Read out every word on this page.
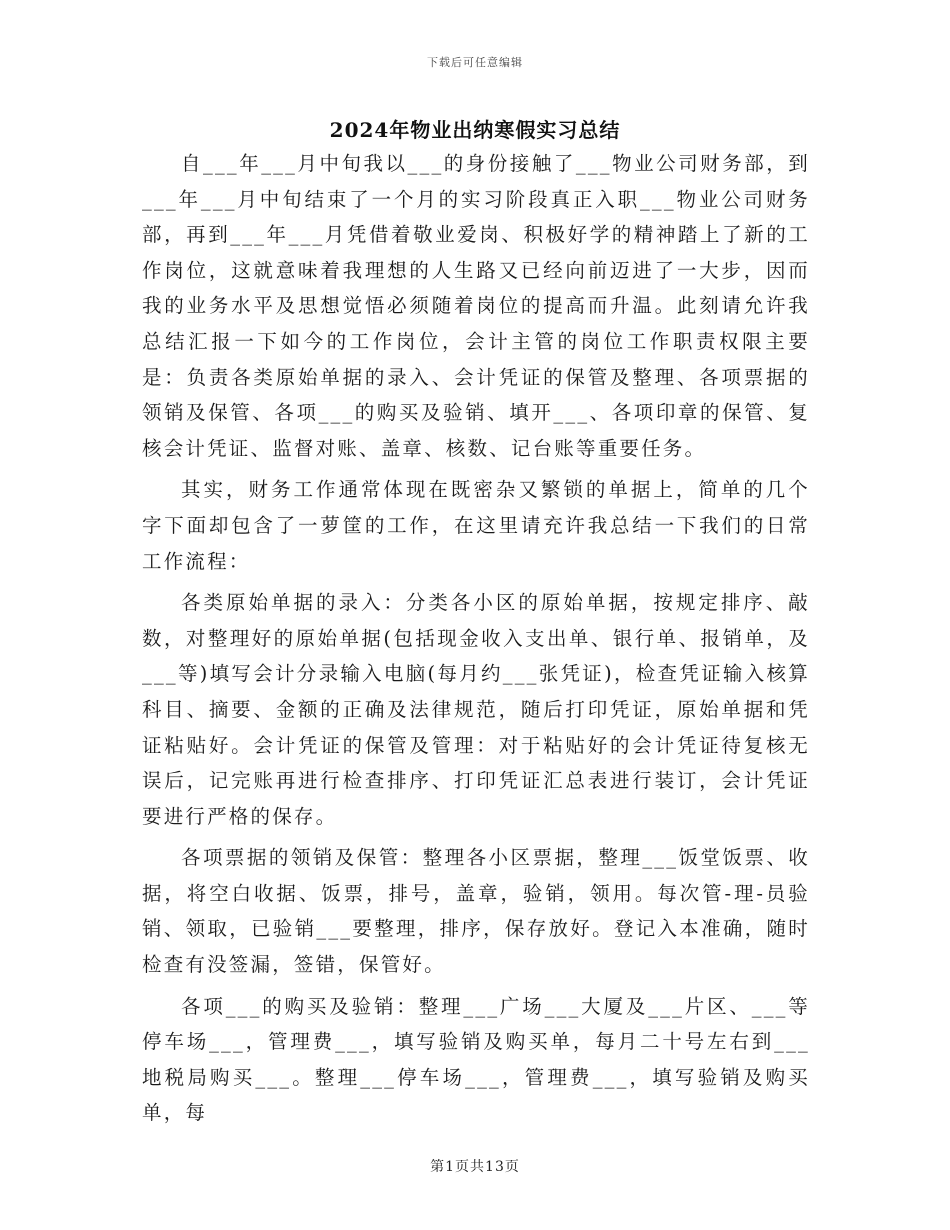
下载后可任意编辑
2024年物业出纳寒假实习总结

自___年___月中旬我以___的身份接触了___物业公司财务部，到___年___月中旬结束了一个月的实习阶段真正入职___物业公司财务部，再到___年___月凭借着敬业爱岗、积极好学的精神踏上了新的工作岗位，这就意味着我理想的人生路又已经向前迈进了一大步，因而我的业务水平及思想觉悟必须随着岗位的提高而升温。此刻请允许我总结汇报一下如今的工作岗位，会计主管的岗位工作职责权限主要是：负责各类原始单据的录入、会计凭证的保管及整理、各项票据的领销及保管、各项___的购买及验销、填开___、各项印章的保管、复核会计凭证、监督对账、盖章、核数、记台账等重要任务。

其实，财务工作通常体现在既密杂又繁锁的单据上，简单的几个字下面却包含了一萝筐的工作，在这里请充许我总结一下我们的日常工作流程：

各类原始单据的录入：分类各小区的原始单据，按规定排序、敲数，对整理好的原始单据(包括现金收入支出单、银行单、报销单，及___等)填写会计分录输入电脑(每月约___张凭证)，检查凭证输入核算科目、摘要、金额的正确及法律规范，随后打印凭证，原始单据和凭证粘贴好。会计凭证的保管及管理：对于粘贴好的会计凭证待复核无误后，记完账再进行检查排序、打印凭证汇总表进行装订，会计凭证要进行严格的保存。

各项票据的领销及保管：整理各小区票据，整理___饭堂饭票、收据，将空白收据、饭票，排号，盖章，验销，领用。每次管-理-员验销、领取，已验销___要整理，排序，保存放好。登记入本准确，随时检查有没签漏，签错，保管好。

各项___的购买及验销：整理___广场___大厦及___片区、___等停车场___，管理费___，填写验销及购买单，每月二十号左右到___地税局购买___。整理___停车场___，管理费___，填写验销及购买单，每

第1页共13页
